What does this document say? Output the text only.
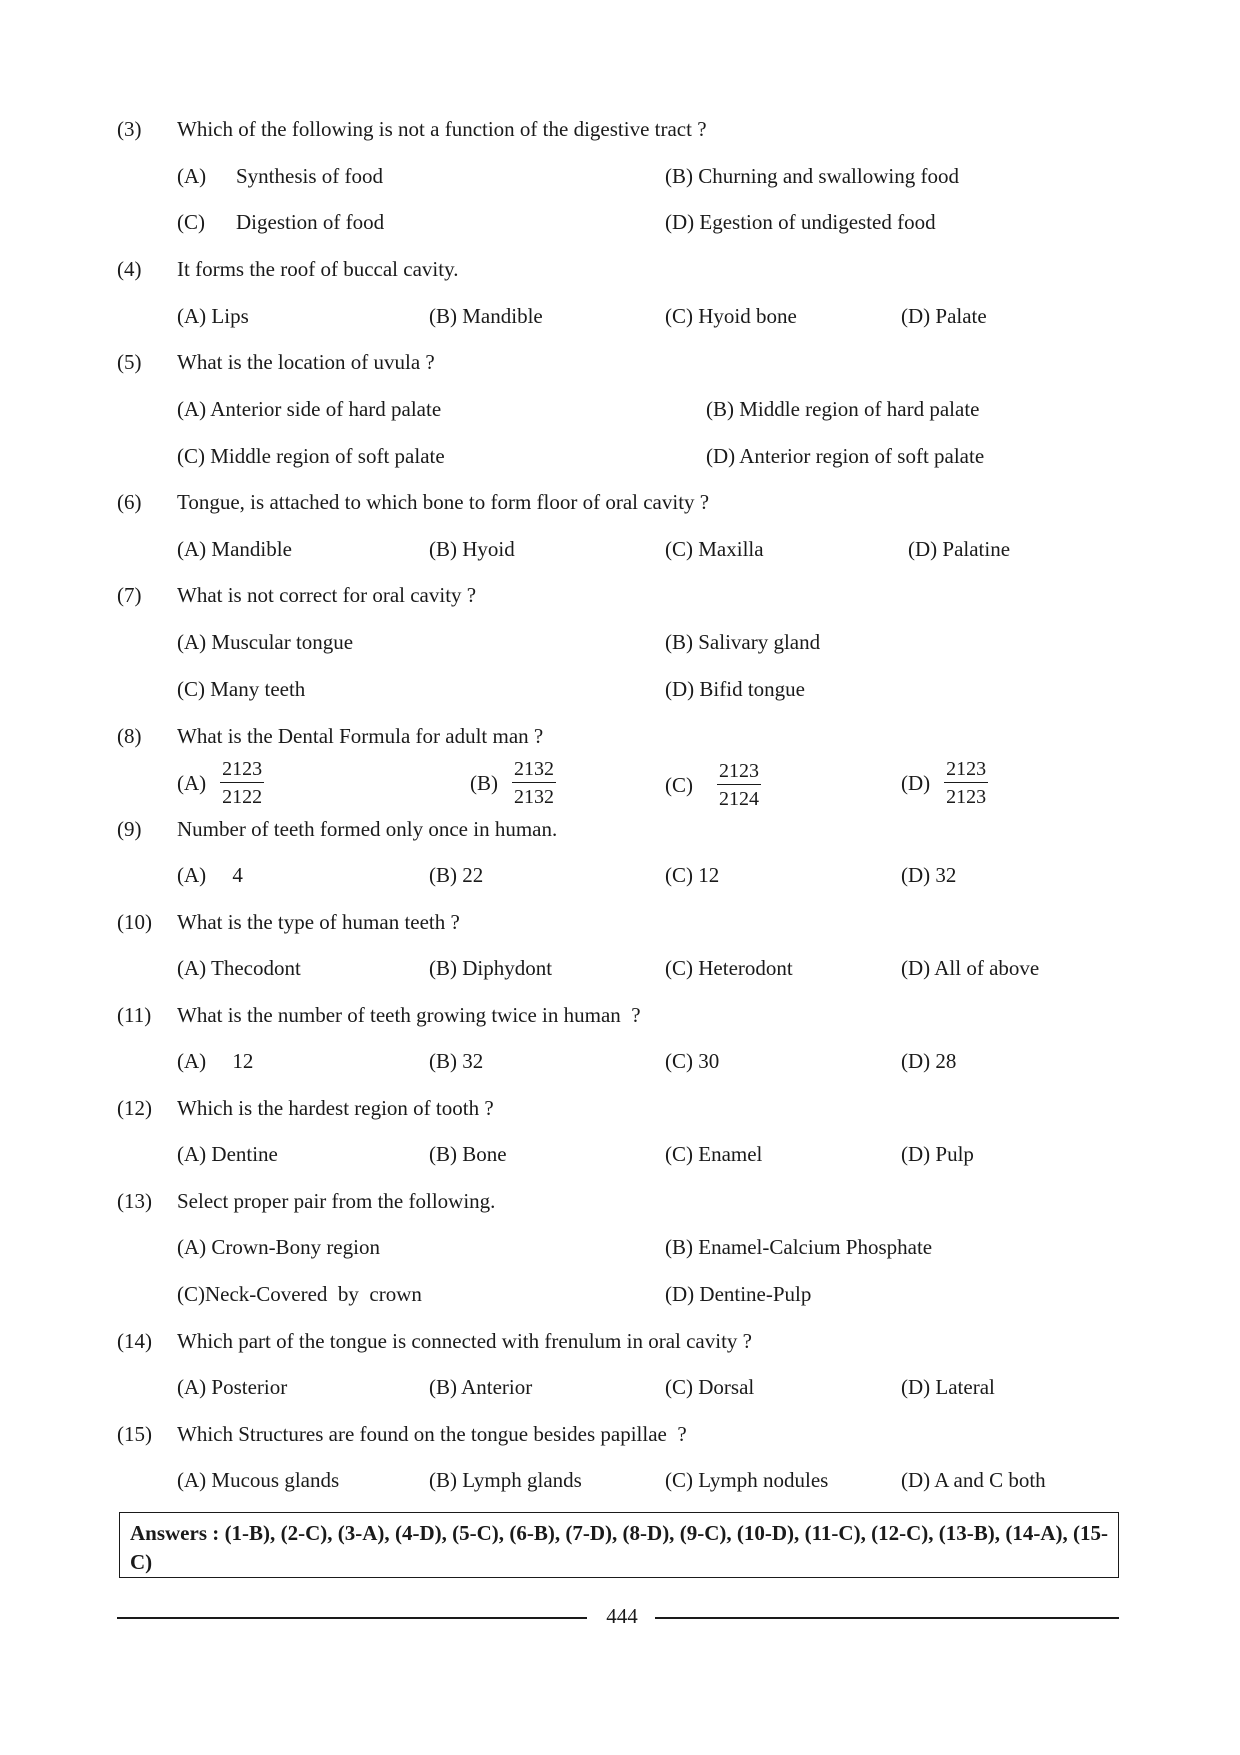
(3) Which of the following is not a function of the digestive tract ?
(A) Synthesis of food	(B) Churning and swallowing food
(C) Digestion of food	(D) Egestion of undigested food
(4) It forms the roof of buccal cavity.
(A) Lips	(B) Mandible	(C) Hyoid bone	(D) Palate
(5) What is the location of uvula ?
(A) Anterior side of hard palate	(B) Middle region of hard palate
(C) Middle region of soft palate	(D) Anterior region of soft palate
(6) Tongue, is attached to which bone to form floor of oral cavity ?
(A) Mandible	(B) Hyoid	(C) Maxilla	(D) Palatine
(7) What is not correct for oral cavity ?
(A) Muscular tongue	(B) Salivary gland
(C) Many teeth	(D) Bifid tongue
(8) What is the Dental Formula for adult man ?
$(A) \frac{2123}{2122}$	$(B) \frac{2132}{2132}$	$(C) \frac{2123}{2124}$	$(D) \frac{2123}{2123}$
(9) Number of teeth formed only once in human.
(A)     4	(B) 22	(C) 12	(D) 32
(10) What is the type of human teeth ?
(A) Thecodont	(B) Diphydont	(C) Heterodont	(D) All of above
(11) What is the number of teeth growing twice in human  ?
(A)     12	(B) 32	(C) 30	(D) 28
(12) Which is the hardest region of tooth ?
(A) Dentine	(B) Bone	(C) Enamel	(D) Pulp
(13) Select proper pair from the following.
(A) Crown-Bony region	(B) Enamel-Calcium Phosphate
(C)Neck-Covered  by  crown	(D) Dentine-Pulp
(14) Which part of the tongue is connected with frenulum in oral cavity ?
(A) Posterior	(B) Anterior	(C) Dorsal	(D) Lateral
(15) Which Structures are found on the tongue besides papillae  ?
(A) Mucous glands	(B) Lymph glands	(C) Lymph nodules	(D) A and C both
Answers : (1-B), (2-C), (3-A), (4-D), (5-C), (6-B), (7-D), (8-D), (9-C), (10-D), (11-C), (12-C), (13-B), (14-A), (15-C)
444
